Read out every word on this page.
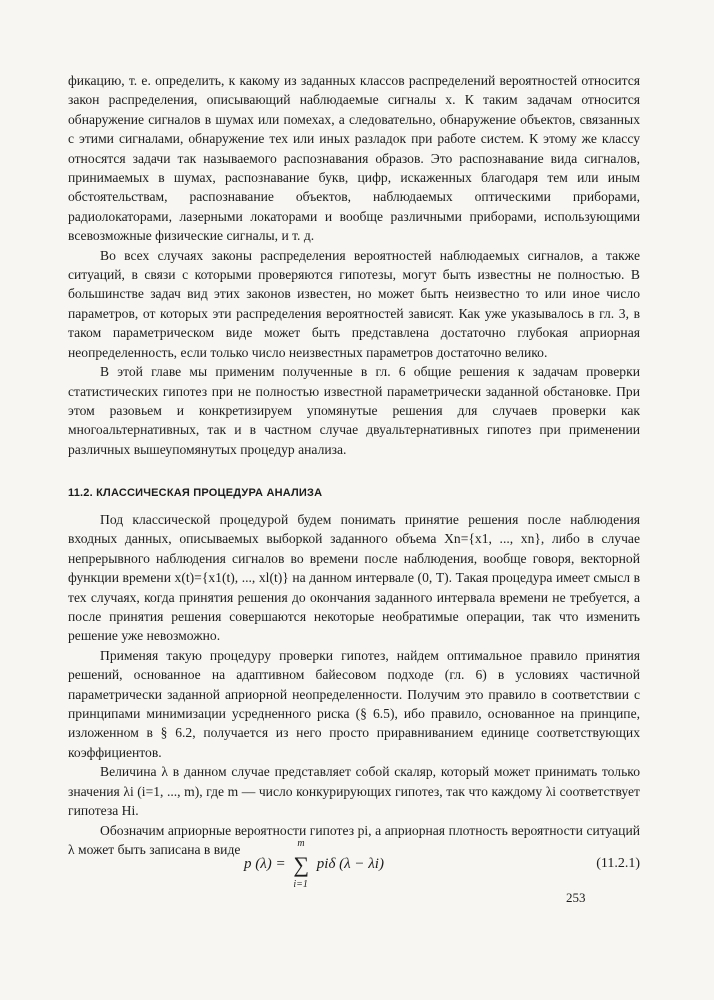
фикацию, т. е. определить, к какому из заданных классов распределений вероятностей относится закон распределения, описывающий наблюдаемые сигналы x. К таким задачам относится обнаружение сигналов в шумах или помехах, а следовательно, обнаружение объектов, связанных с этими сигналами, обнаружение тех или иных разладок при работе систем. К этому же классу относятся задачи так называемого распознавания образов. Это распознавание вида сигналов, принимаемых в шумах, распознавание букв, цифр, искаженных благодаря тем или иным обстоятельствам, распознавание объектов, наблюдаемых оптическими приборами, радиолокаторами, лазерными локаторами и вообще различными приборами, использующими всевозможные физические сигналы, и т. д.

Во всех случаях законы распределения вероятностей наблюдаемых сигналов, а также ситуаций, в связи с которыми проверяются гипотезы, могут быть известны не полностью. В большинстве задач вид этих законов известен, но может быть неизвестно то или иное число параметров, от которых эти распределения вероятностей зависят. Как уже указывалось в гл. 3, в таком параметрическом виде может быть представлена достаточно глубокая априорная неопределенность, если только число неизвестных параметров достаточно велико.

В этой главе мы применим полученные в гл. 6 общие решения к задачам проверки статистических гипотез при не полностью известной параметрически заданной обстановке. При этом разовьем и конкретизируем упомянутые решения для случаев проверки как многоальтернативных, так и в частном случае двуальтернативных гипотез при применении различных вышеупомянутых процедур анализа.

11.2. КЛАССИЧЕСКАЯ ПРОЦЕДУРА АНАЛИЗА

Под классической процедурой будем понимать принятие решения после наблюдения входных данных, описываемых выборкой заданного объема Xn={x1, ..., xn}, либо в случае непрерывного наблюдения сигналов во времени после наблюдения, вообще говоря, векторной функции времени x(t)={x1(t), ..., xl(t)} на данном интервале (0, T). Такая процедура имеет смысл в тех случаях, когда принятия решения до окончания заданного интервала времени не требуется, а после принятия решения совершаются некоторые необратимые операции, так что изменить решение уже невозможно.

Применяя такую процедуру проверки гипотез, найдем оптимальное правило принятия решений, основанное на адаптивном байесовом подходе (гл. 6) в условиях частичной параметрически заданной априорной неопределенности. Получим это правило в соответствии с принципами минимизации усредненного риска (§ 6.5), ибо правило, основанное на принципе, изложенном в § 6.2, получается из него просто приравниванием единице соответствующих коэффициентов.

Величина λ в данном случае представляет собой скаляр, который может принимать только значения λi (i=1, ..., m), где m — число конкурирующих гипотез, так что каждому λi соответствует гипотеза Hi.

Обозначим априорные вероятности гипотез pi, а априорная плотность вероятности ситуаций λ может быть записана в виде

p (λ) = ∑
m
i=1
piδ (λ − λi)	(11.2.1)
253
